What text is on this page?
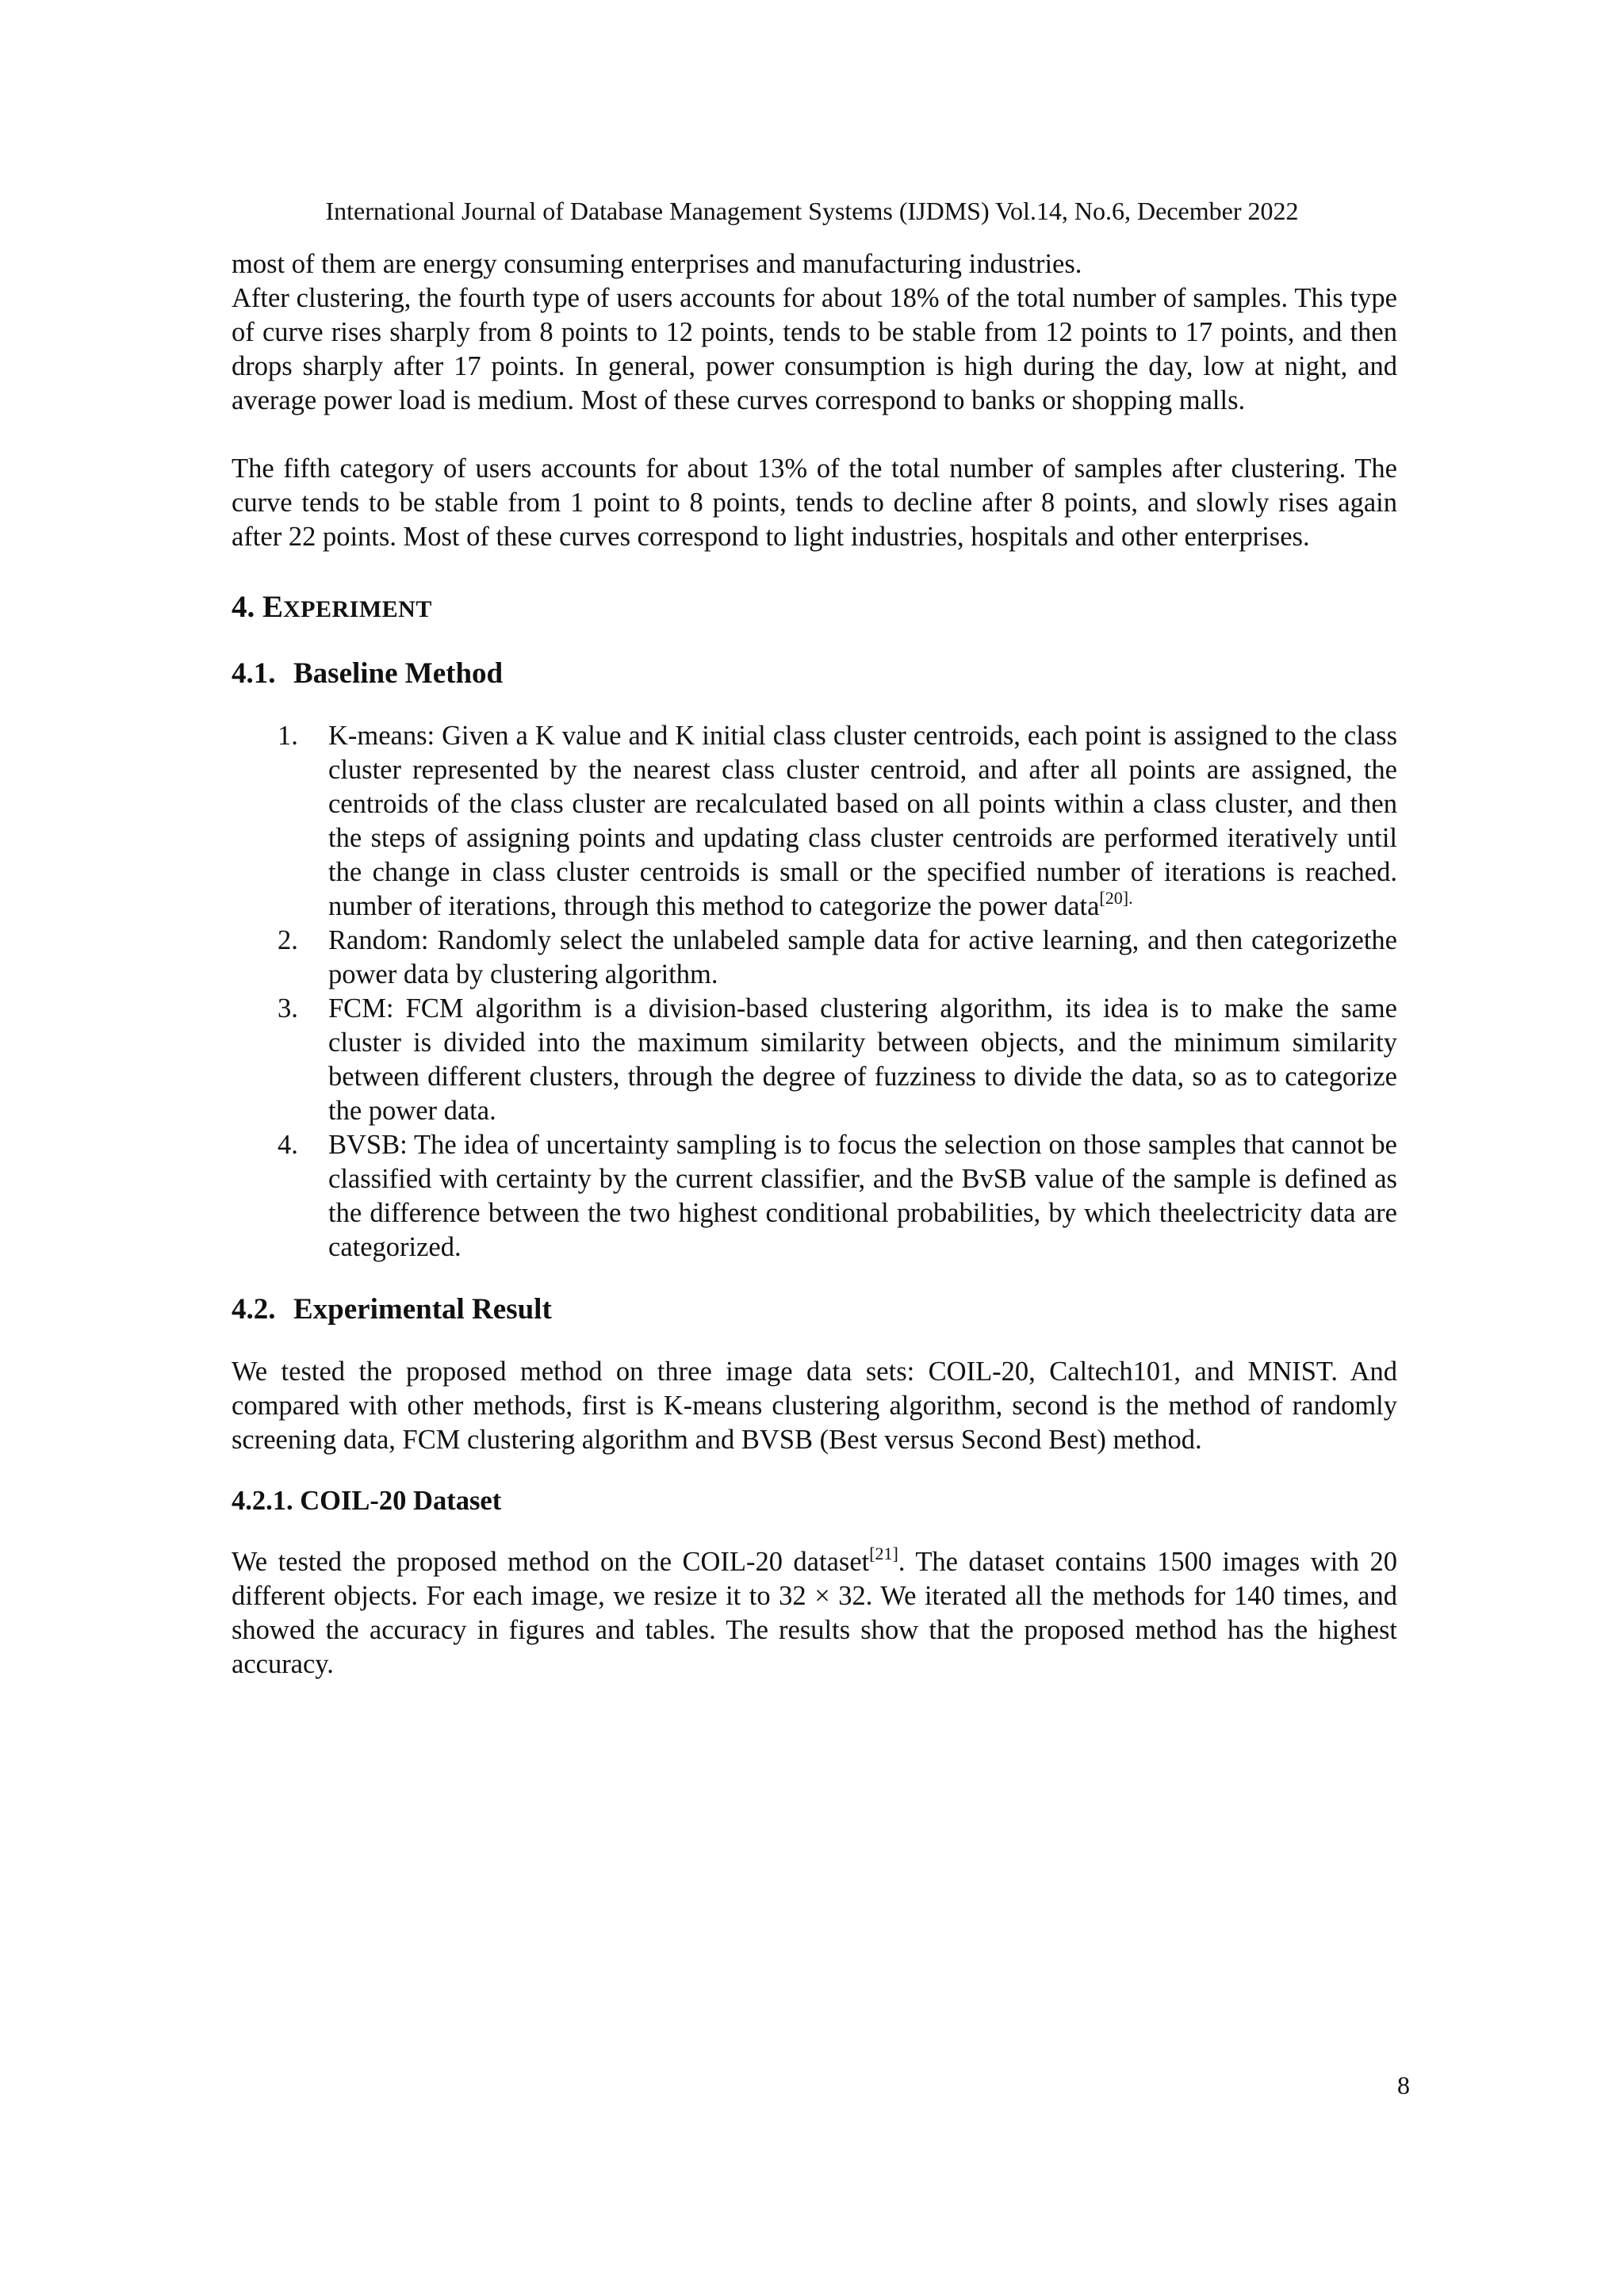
International Journal of Database Management Systems (IJDMS) Vol.14, No.6, December 2022

most of them are energy consuming enterprises and manufacturing industries.

After clustering, the fourth type of users accounts for about 18% of the total number of samples. This type of curve rises sharply from 8 points to 12 points, tends to be stable from 12 points to 17 points, and then drops sharply after 17 points. In general, power consumption is high during the day, low at night, and average power load is medium. Most of these curves correspond to banks or shopping malls.

The fifth category of users accounts for about 13% of the total number of samples after clustering. The curve tends to be stable from 1 point to 8 points, tends to decline after 8 points, and slowly rises again after 22 points. Most of these curves correspond to light industries, hospitals and other enterprises.

4. EXPERIMENT
4.1. Baseline Method
1. K-means: Given a K value and K initial class cluster centroids, each point is assigned to the class cluster represented by the nearest class cluster centroid, and after all points are assigned, the centroids of the class cluster are recalculated based on all points within a class cluster, and then the steps of assigning points and updating class cluster centroids are performed iteratively until the change in class cluster centroids is small or the specified number of iterations is reached. number of iterations, through this method to categorize the power data$^{[20].}$
2. Random: Randomly select the unlabeled sample data for active learning, and then categorizethe power data by clustering algorithm.
3. FCM: FCM algorithm is a division-based clustering algorithm, its idea is to make the same cluster is divided into the maximum similarity between objects, and the minimum similarity between different clusters, through the degree of fuzziness to divide the data, so as to categorize the power data.
4. BVSB: The idea of uncertainty sampling is to focus the selection on those samples that cannot be classified with certainty by the current classifier, and the BvSB value of the sample is defined as the difference between the two highest conditional probabilities, by which theelectricity data are categorized.
4.2. Experimental Result

We tested the proposed method on three image data sets: COIL-20, Caltech101, and MNIST. And compared with other methods, first is K-means clustering algorithm, second is the method of randomly screening data, FCM clustering algorithm and BVSB (Best versus Second Best) method.

4.2.1. COIL-20 Dataset

We tested the proposed method on the COIL-20 dataset[21]. The dataset contains 1500 images with 20 different objects. For each image, we resize it to 32 × 32. We iterated all the methods for 140 times, and showed the accuracy in figures and tables. The results show that the proposed method has the highest accuracy.

8
